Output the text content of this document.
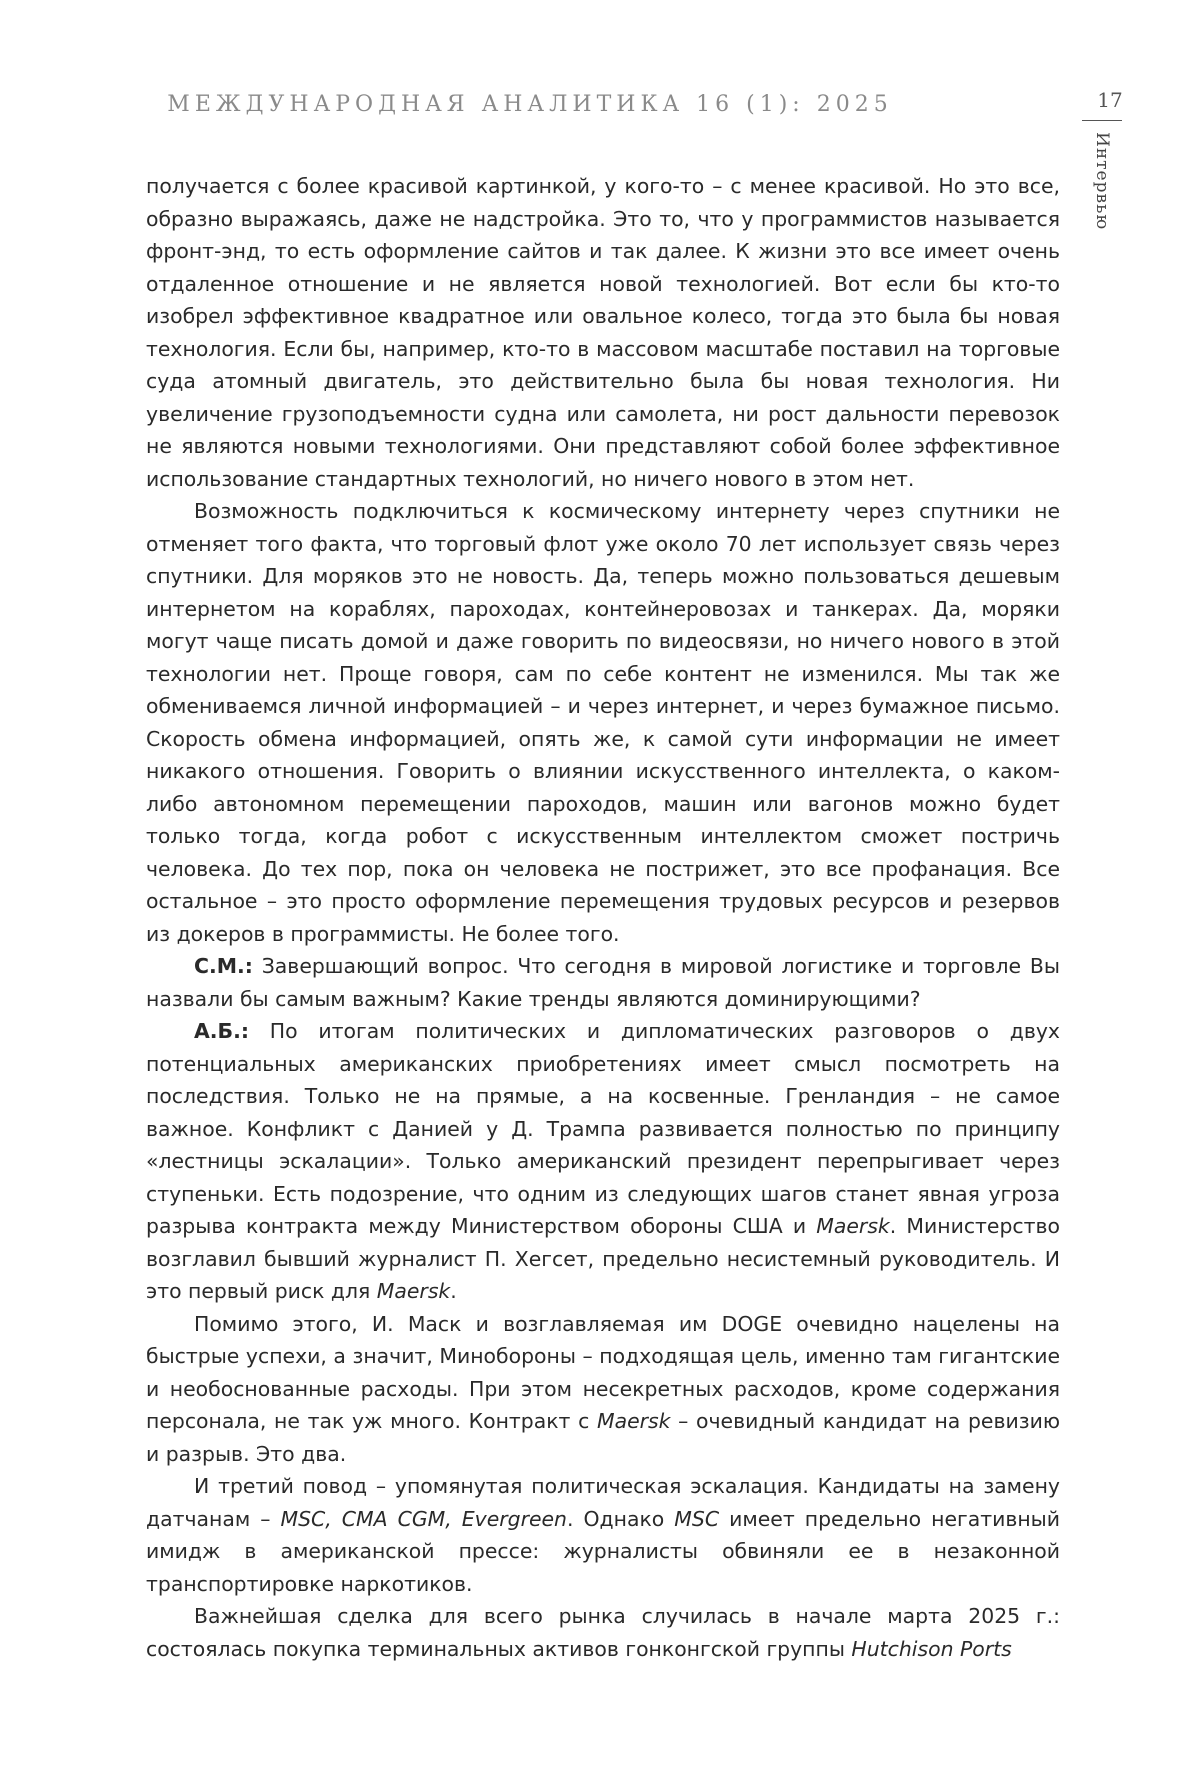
МЕЖДУНАРОДНАЯ АНАЛИТИКА 16 (1): 2025	17
Интервью

получается с более красивой картинкой, у кого-то – с менее красивой. Но это все, образно выражаясь, даже не надстройка. Это то, что у программистов называется фронт-энд, то есть оформление сайтов и так далее. К жизни это все имеет очень отдаленное отношение и не является новой технологией. Вот если бы кто-то изобрел эффективное квадратное или овальное колесо, тогда это была бы новая технология. Если бы, например, кто-то в массовом масштабе поставил на торговые суда атомный двигатель, это действительно была бы новая технология. Ни увеличение грузоподъемности судна или самолета, ни рост дальности перевозок не являются новыми технологиями. Они представляют собой более эффективное использование стандартных технологий, но ничего нового в этом нет.

Возможность подключиться к космическому интернету через спутники не отменяет того факта, что торговый флот уже около 70 лет использует связь через спутники. Для моряков это не новость. Да, теперь можно пользоваться дешевым интернетом на кораблях, пароходах, контейнеровозах и танкерах. Да, моряки могут чаще писать домой и даже говорить по видеосвязи, но ничего нового в этой технологии нет. Проще говоря, сам по себе контент не изменился. Мы так же обмениваемся личной информацией – и через интернет, и через бумажное письмо. Скорость обмена информацией, опять же, к самой сути информации не имеет никакого отношения. Говорить о влиянии искусственного интеллекта, о каком-либо автономном перемещении пароходов, машин или вагонов можно будет только тогда, когда робот с искусственным интеллектом сможет постричь человека. До тех пор, пока он человека не пострижет, это все профанация. Все остальное – это просто оформление перемещения трудовых ресурсов и резервов из докеров в программисты. Не более того.

С.М.: Завершающий вопрос. Что сегодня в мировой логистике и торговле Вы назвали бы самым важным? Какие тренды являются доминирующими?

А.Б.: По итогам политических и дипломатических разговоров о двух потенциальных американских приобретениях имеет смысл посмотреть на последствия. Только не на прямые, а на косвенные. Гренландия – не самое важное. Конфликт с Данией у Д. Трампа развивается полностью по принципу «лестницы эскалации». Только американский президент перепрыгивает через ступеньки. Есть подозрение, что одним из следующих шагов станет явная угроза разрыва контракта между Министерством обороны США и Maersk. Министерство возглавил бывший журналист П. Хегсет, предельно несистемный руководитель. И это первый риск для Maersk.

Помимо этого, И. Маск и возглавляемая им DOGE очевидно нацелены на быстрые успехи, а значит, Минобороны – подходящая цель, именно там гигантские и необоснованные расходы. При этом несекретных расходов, кроме содержания персонала, не так уж много. Контракт с Maersk – очевидный кандидат на ревизию и разрыв. Это два.

И третий повод – упомянутая политическая эскалация. Кандидаты на замену датчанам – MSC, CMA CGM, Evergreen. Однако MSC имеет предельно негативный имидж в американской прессе: журналисты обвиняли ее в незаконной транспортировке наркотиков.

Важнейшая сделка для всего рынка случилась в начале марта 2025 г.: состоялась покупка терминальных активов гонконгской группы Hutchison Ports
